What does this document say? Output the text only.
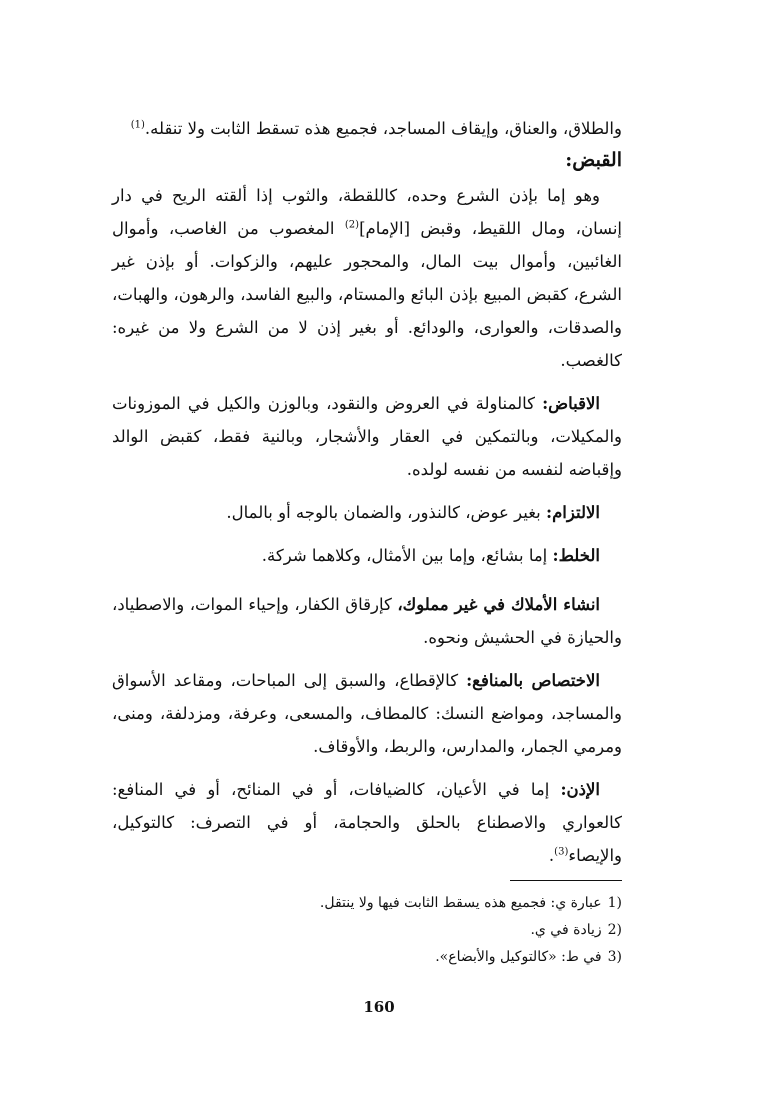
والطلاق، والعناق، وإيقاف المساجد، فجميع هذه تسقط الثابت ولا تنقله.$^{(1)}$

القبض:

وهو إما بإذن الشرع وحده، كاللقطة، والثوب إذا ألقته الريح في دار إنسان، ومال اللقيط، وقبض [الإمام]$^{(2)}$ المغصوب من الغاصب، وأموال الغائبين، وأموال بيت المال، والمحجور عليهم، والزكوات. أو بإذن غير الشرع، كقبض المبيع بإذن البائع والمستام، والبيع الفاسد، والرهون، والهبات، والصدقات، والعوارى، والودائع. أو بغير إذن لا من الشرع ولا من غيره: كالغصب.

الاقباض: كالمناولة في العروض والنقود، وبالوزن والكيل في الموزونات والمكيلات، وبالتمكين في العقار والأشجار، وبالنية فقط، كقبض الوالد وإقباضه لنفسه من نفسه لولده.

الالتزام: بغير عوض، كالنذور، والضمان بالوجه أو بالمال.

الخلط: إما بشائع، وإما بين الأمثال، وكلاهما شركة.

انشاء الأملاك في غير مملوك، كإرقاق الكفار، وإحياء الموات، والاصطياد، والحيازة في الحشيش ونحوه.

الاختصاص بالمنافع: كالإقطاع، والسبق إلى المباحات، ومقاعد الأسواق والمساجد، ومواضع النسك: كالمطاف، والمسعى، وعرفة، ومزدلفة، ومنى، ومرمي الجمار، والمدارس، والربط، والأوقاف.

الإذن: إما في الأعيان، كالضيافات، أو في المنائح، أو في المنافع: كالعواري والاصطناع بالحلق والحجامة، أو في التصرف: كالتوكيل، والإيصاء$^{(3)}$.

1)عبارة ي: فجميع هذه يسقط الثابت فيها ولا ينتقل.

2)زيادة في ي.

3)في ط: «كالتوكيل والأبضاع».

160
